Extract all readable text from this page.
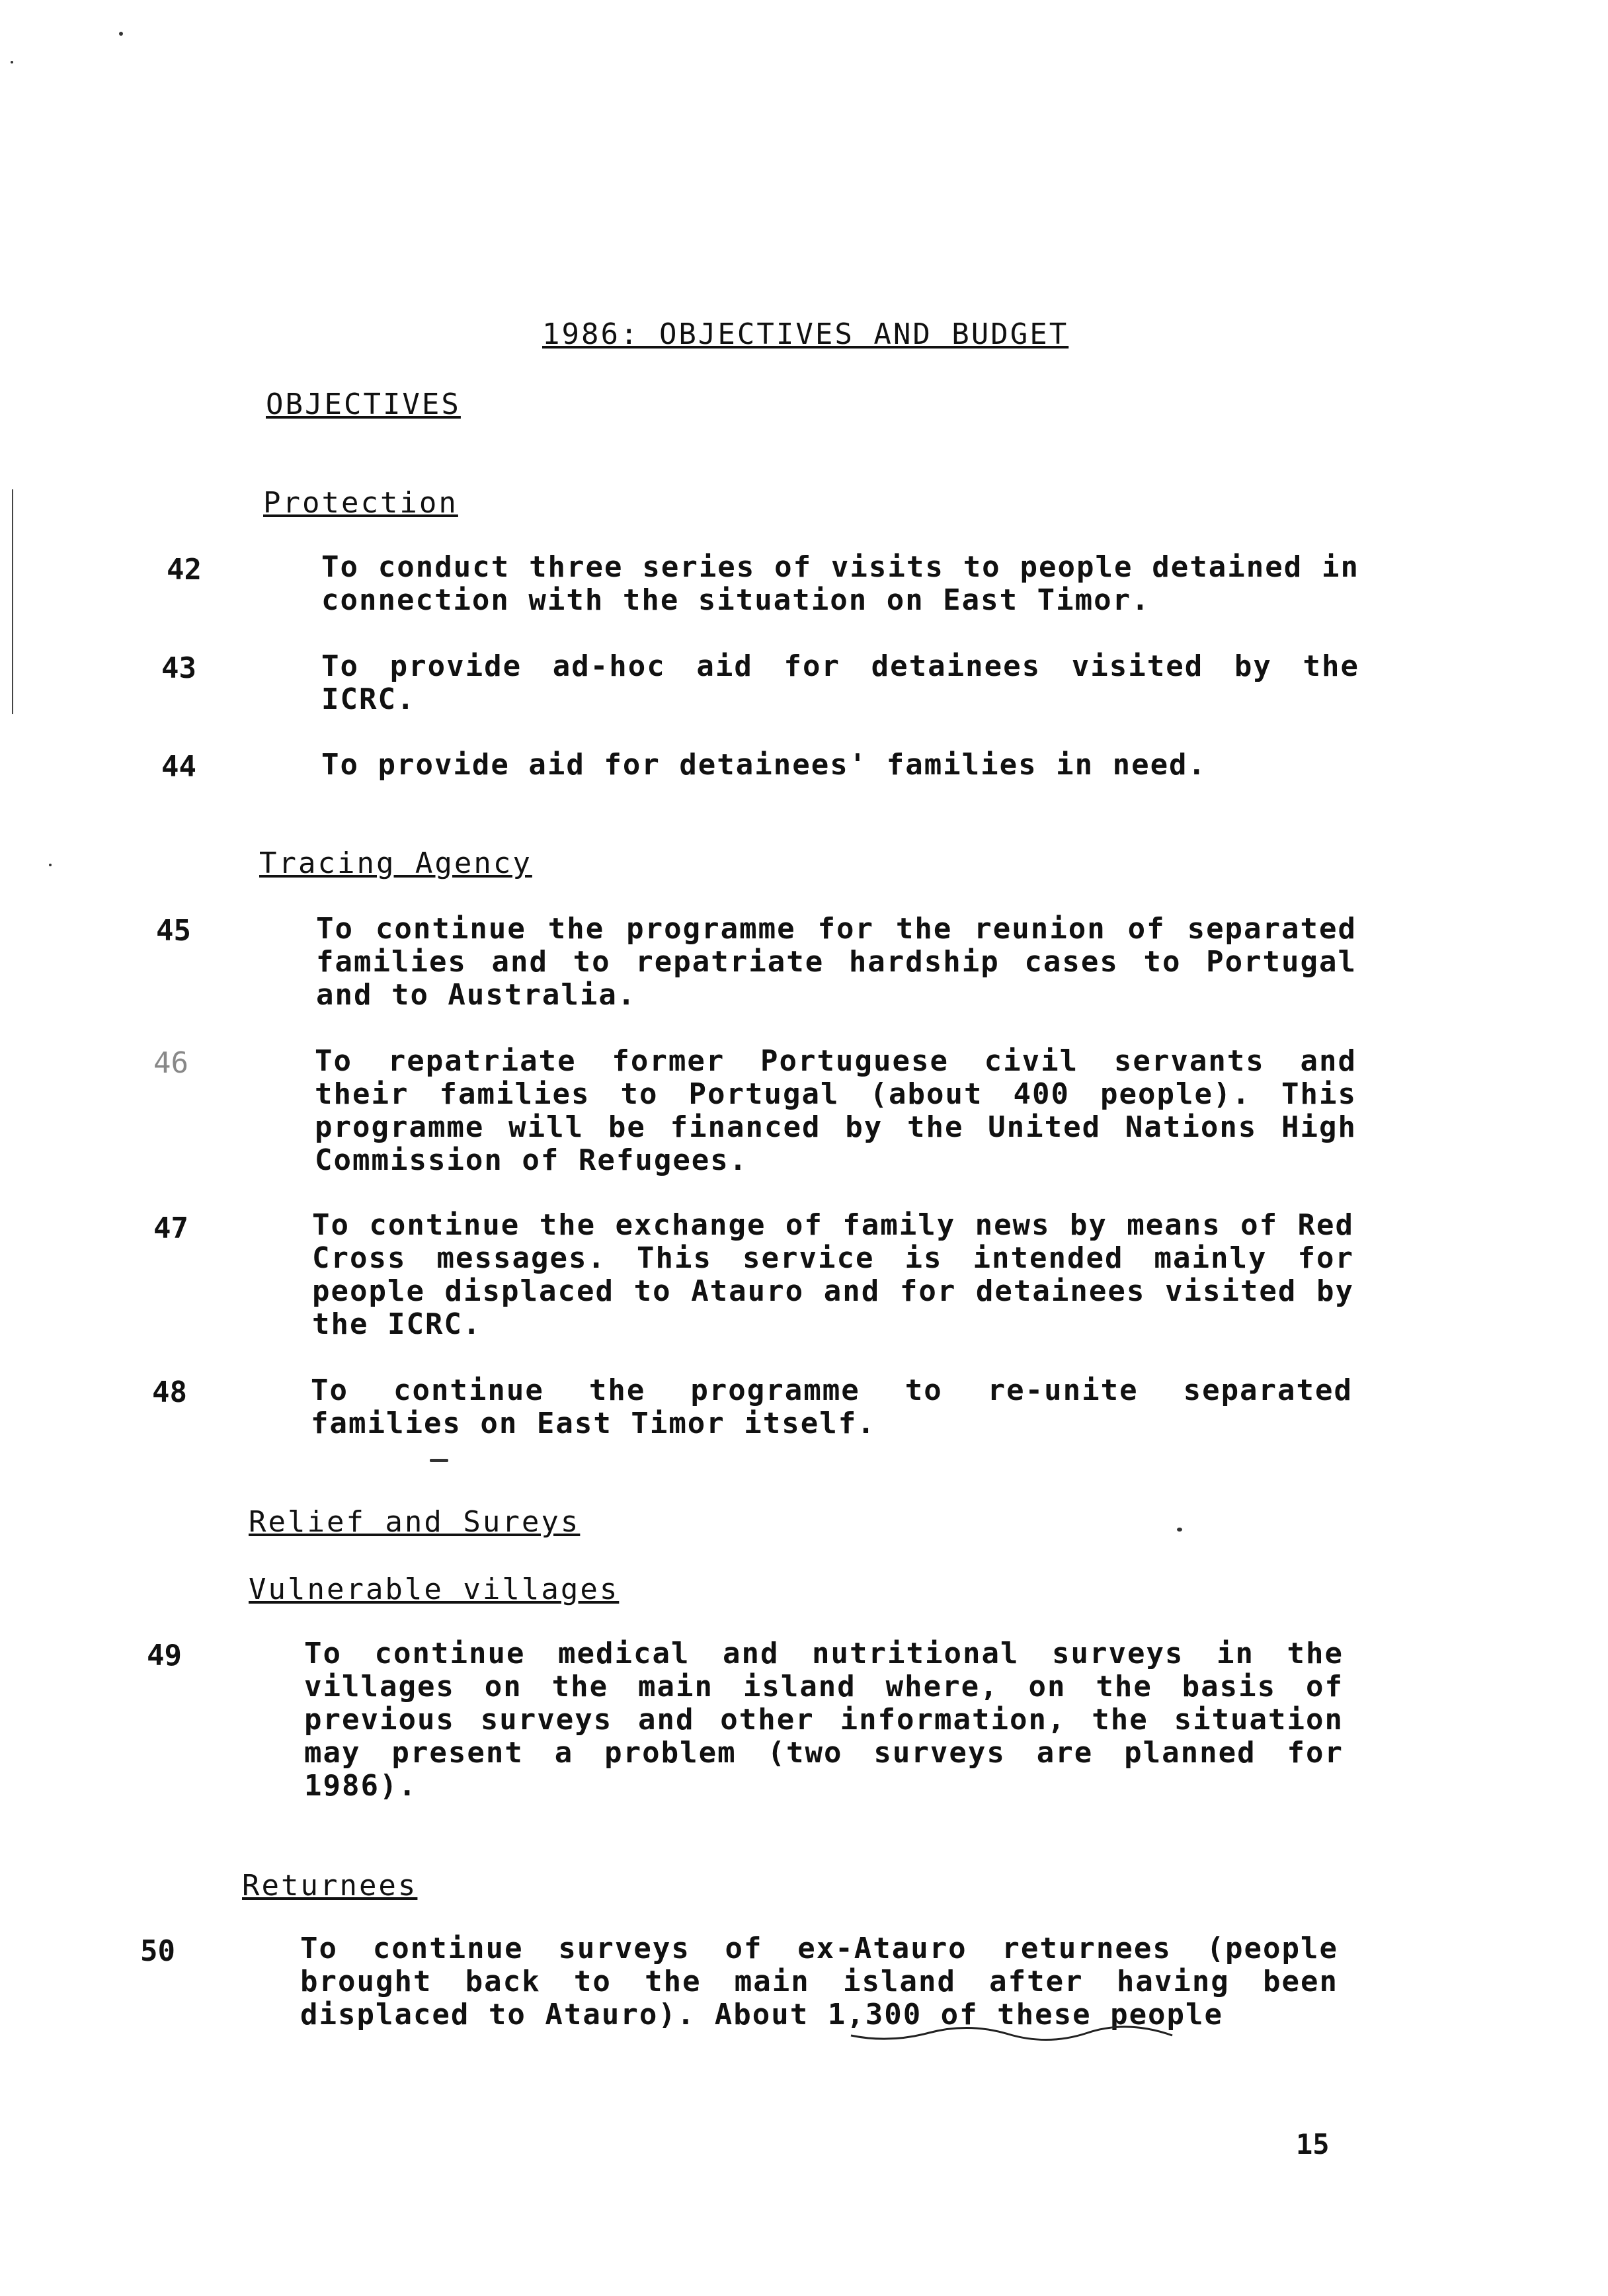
1986: OBJECTIVES AND BUDGET
OBJECTIVES
Protection
42	To conduct three series of visits to people detained in connection with the situation on East Timor.
43	To provide ad-hoc aid for detainees visited by the ICRC.
44	To provide aid for detainees' families in need.
Tracing Agency
45	To continue the programme for the reunion of separated families and to repatriate hardship cases to Portugal and to Australia.
46	To repatriate former Portuguese civil servants and their families to Portugal (about 400 people). This programme will be financed by the United Nations High Commission of Refugees.
47	To continue the exchange of family news by means of Red Cross messages. This service is intended mainly for people displaced to Atauro and for detainees visited by the ICRC.
48	To continue the programme to re-unite separated families on East Timor itself.
Relief and Sureys
Vulnerable villages
49	To continue medical and nutritional surveys in the villages on the main island where, on the basis of previous surveys and other information, the situation may present a problem (two surveys are planned for 1986).
Returnees
50	To continue surveys of ex-Atauro returnees (people brought back to the main island after having been displaced to Atauro). About 1,300 of these people
15
